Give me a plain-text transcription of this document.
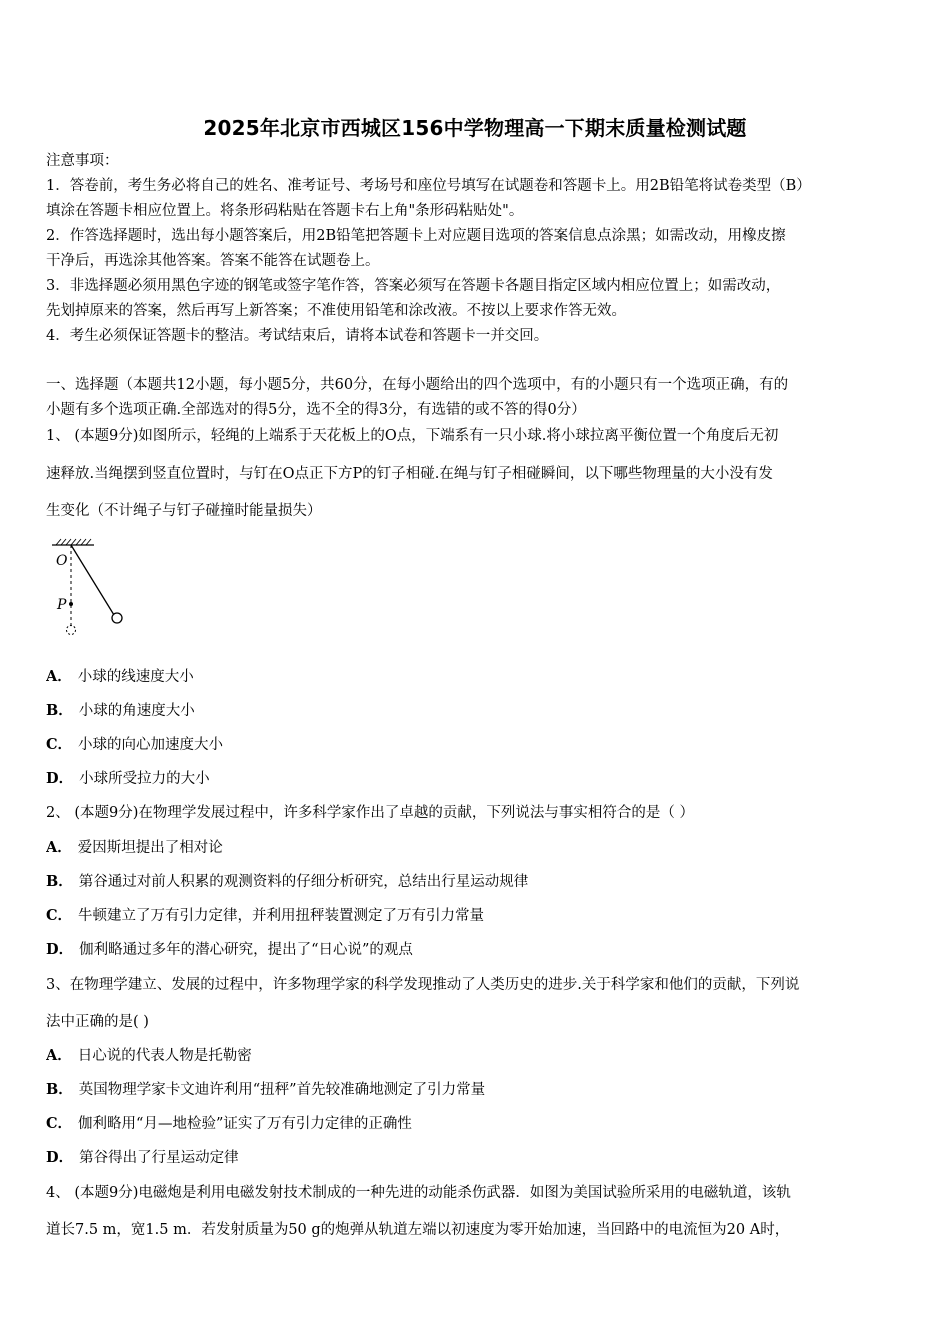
2025年北京市西城区156中学物理高一下期末质量检测试题
注意事项：
1．答卷前，考生务必将自己的姓名、准考证号、考场号和座位号填写在试题卷和答题卡上。用2B铅笔将试卷类型（B）
填涂在答题卡相应位置上。将条形码粘贴在答题卡右上角"条形码粘贴处"。
2．作答选择题时，选出每小题答案后，用2B铅笔把答题卡上对应题目选项的答案信息点涂黑；如需改动，用橡皮擦
干净后，再选涂其他答案。答案不能答在试题卷上。
3．非选择题必须用黑色字迹的钢笔或签字笔作答，答案必须写在答题卡各题目指定区域内相应位置上；如需改动，
先划掉原来的答案，然后再写上新答案；不准使用铅笔和涂改液。不按以上要求作答无效。
4．考生必须保证答题卡的整洁。考试结束后，请将本试卷和答题卡一并交回。
一、选择题（本题共12小题，每小题5分，共60分，在每小题给出的四个选项中，有的小题只有一个选项正确，有的
小题有多个选项正确.全部选对的得5分，选不全的得3分，有选错的或不答的得0分）
1、 (本题9分)如图所示，轻绳的上端系于天花板上的O点，下端系有一只小球.将小球拉离平衡位置一个角度后无初
速释放.当绳摆到竖直位置时，与钉在O点正下方P的钉子相碰.在绳与钉子相碰瞬间，以下哪些物理量的大小没有发
生变化（不计绳子与钉子碰撞时能量损失）
O
P
A． 小球的线速度大小
B． 小球的角速度大小
C． 小球的向心加速度大小
D． 小球所受拉力的大小
2、 (本题9分)在物理学发展过程中，许多科学家作出了卓越的贡献，下列说法与事实相符合的是（ ）
A． 爱因斯坦提出了相对论
B． 第谷通过对前人积累的观测资料的仔细分析研究，总结出行星运动规律
C． 牛顿建立了万有引力定律，并利用扭秤装置测定了万有引力常量
D． 伽利略通过多年的潜心研究，提出了“日心说”的观点
3、在物理学建立、发展的过程中，许多物理学家的科学发现推动了人类历史的进步.关于科学家和他们的贡献，下列说
法中正确的是( )
A． 日心说的代表人物是托勒密
B． 英国物理学家卡文迪许利用“扭秤”首先较准确地测定了引力常量
C． 伽利略用“月—地检验”证实了万有引力定律的正确性
D． 第谷得出了行星运动定律
4、 (本题9分)电磁炮是利用电磁发射技术制成的一种先进的动能杀伤武器．如图为美国试验所采用的电磁轨道，该轨
道长7.5 m，宽1.5 m．若发射质量为50 g的炮弹从轨道左端以初速度为零开始加速，当回路中的电流恒为20 A时，
